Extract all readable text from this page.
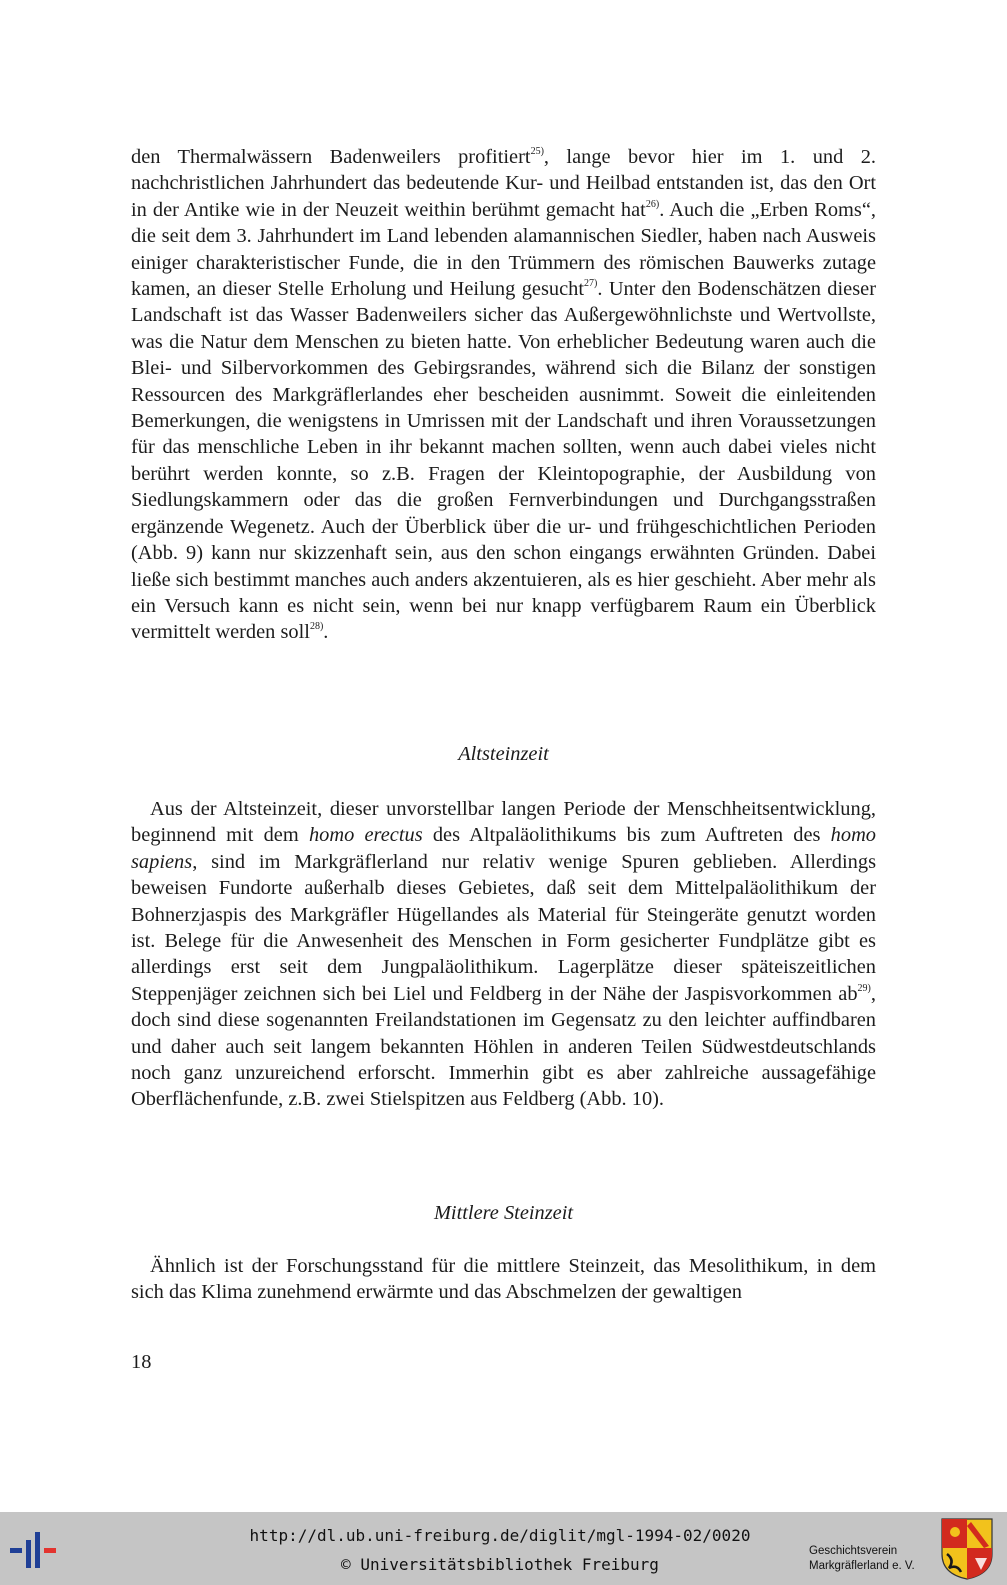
den Thermalwässern Badenweilers profitiert$^{25)}$, lange bevor hier im 1. und 2. nachchristlichen Jahrhundert das bedeutende Kur- und Heilbad entstanden ist, das den Ort in der Antike wie in der Neuzeit weithin berühmt gemacht hat$^{26)}$. Auch die „Erben Roms“, die seit dem 3. Jahrhundert im Land lebenden alamannischen Siedler, haben nach Ausweis einiger charakteristischer Funde, die in den Trümmern des römischen Bauwerks zutage kamen, an dieser Stelle Erholung und Heilung gesucht$^{27)}$. Unter den Bodenschätzen dieser Landschaft ist das Wasser Badenweilers sicher das Außergewöhnlichste und Wertvollste, was die Natur dem Menschen zu bieten hatte. Von erheblicher Bedeutung waren auch die Blei- und Silbervorkommen des Gebirgsrandes, während sich die Bilanz der sonstigen Ressourcen des Markgräflerlandes eher bescheiden ausnimmt. Soweit die einleitenden Bemerkungen, die wenigstens in Umrissen mit der Landschaft und ihren Voraussetzungen für das menschliche Leben in ihr bekannt machen sollten, wenn auch dabei vieles nicht berührt werden konnte, so z.B. Fragen der Kleintopographie, der Ausbildung von Siedlungskammern oder das die großen Fernverbindungen und Durchgangsstraßen ergänzende Wegenetz. Auch der Überblick über die ur- und frühgeschichtlichen Perioden (Abb. 9) kann nur skizzenhaft sein, aus den schon eingangs erwähnten Gründen. Dabei ließe sich bestimmt manches auch anders akzentuieren, als es hier geschieht. Aber mehr als ein Versuch kann es nicht sein, wenn bei nur knapp verfügbarem Raum ein Überblick vermittelt werden soll$^{28)}$.

Altsteinzeit

Aus der Altsteinzeit, dieser unvorstellbar langen Periode der Menschheitsentwicklung, beginnend mit dem homo erectus des Altpaläolithikums bis zum Auftreten des homo sapiens, sind im Markgräflerland nur relativ wenige Spuren geblieben. Allerdings beweisen Fundorte außerhalb dieses Gebietes, daß seit dem Mittelpaläolithikum der Bohnerzjaspis des Markgräfler Hügellandes als Material für Steingeräte genutzt worden ist. Belege für die Anwesenheit des Menschen in Form gesicherter Fundplätze gibt es allerdings erst seit dem Jungpaläolithikum. Lagerplätze dieser späteiszeitlichen Steppenjäger zeichnen sich bei Liel und Feldberg in der Nähe der Jaspisvorkommen $ab^{29)}$, doch sind diese sogenannten Freilandstationen im Gegensatz zu den leichter auffindbaren und daher auch seit langem bekannten Höhlen in anderen Teilen Südwestdeutschlands noch ganz unzureichend erforscht. Immerhin gibt es aber zahlreiche aussagefähige Oberflächenfunde, z.B. zwei Stielspitzen aus Feldberg (Abb. 10).

Mittlere Steinzeit

Ähnlich ist der Forschungsstand für die mittlere Steinzeit, das Mesolithikum, in dem sich das Klima zunehmend erwärmte und das Abschmelzen der gewaltigen

18
http://dl.ub.uni-freiburg.de/diglit/mgl-1994-02/0020
© Universitätsbibliothek Freiburg
Geschichtsverein
Markgräflerland e. V.
